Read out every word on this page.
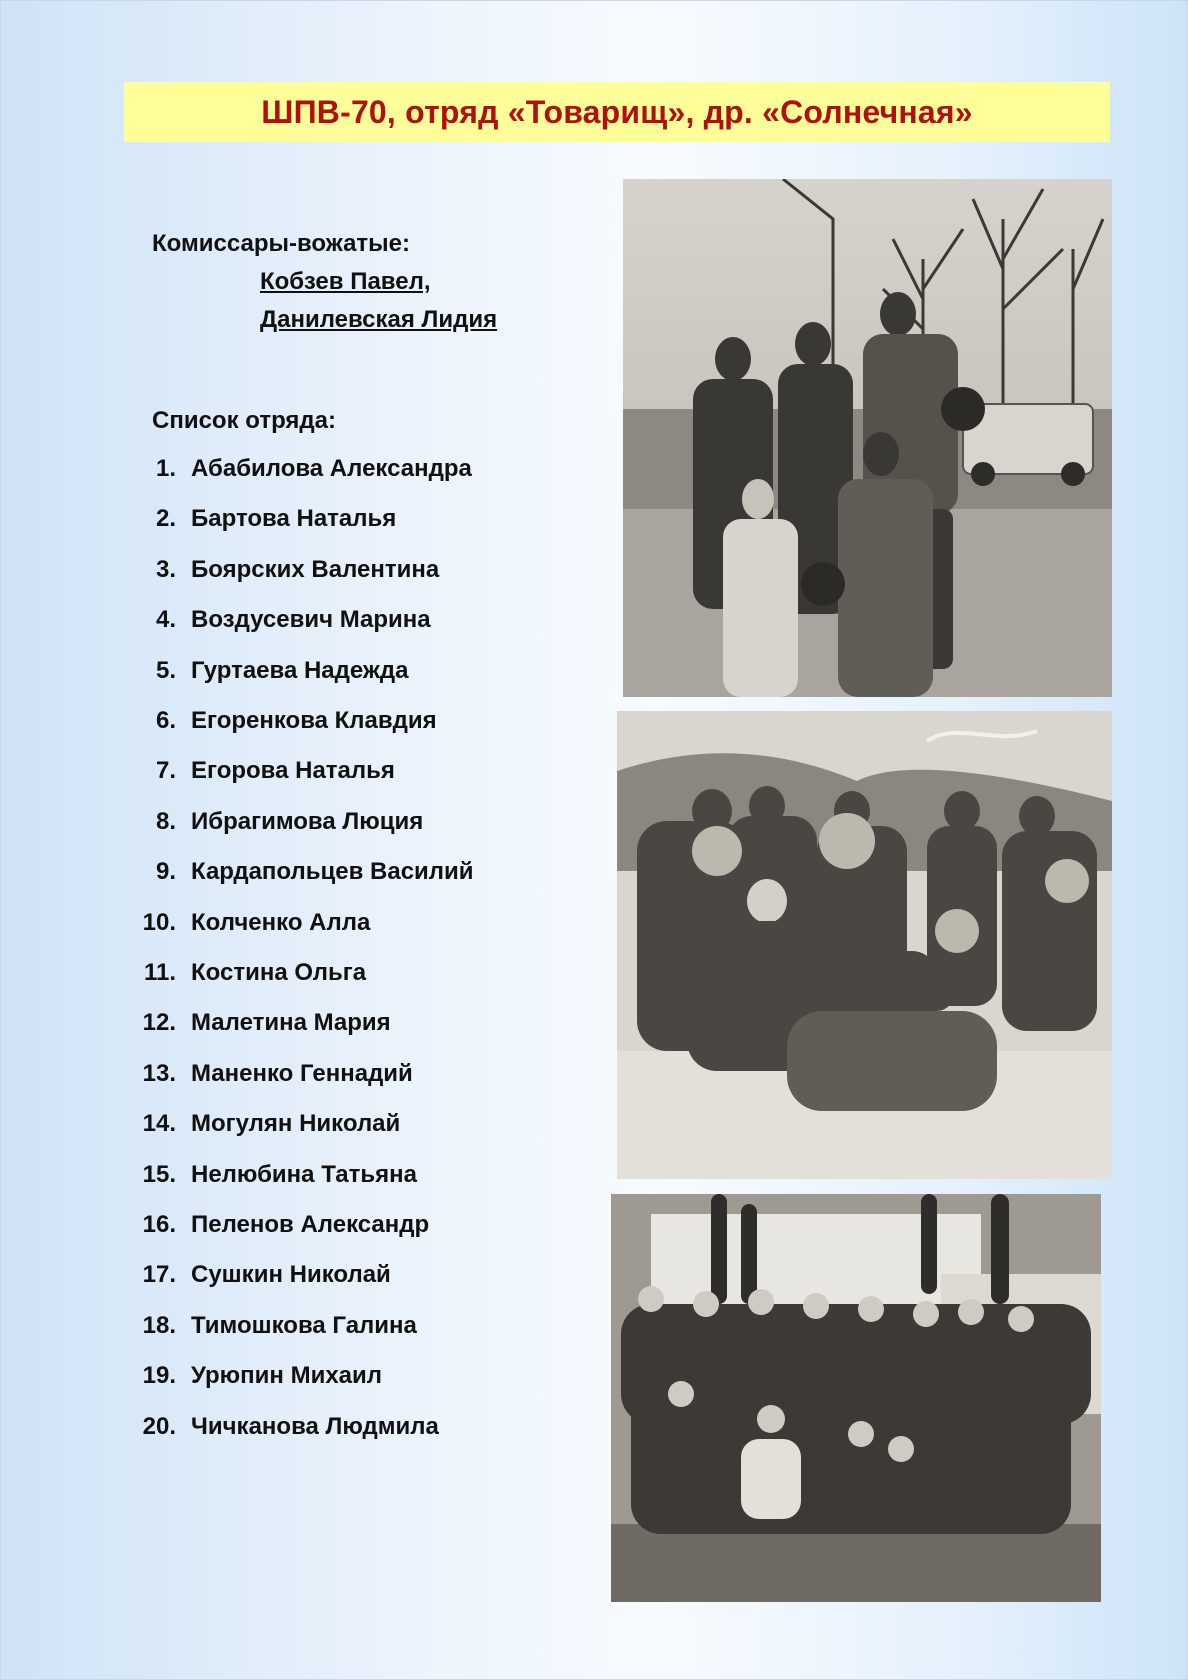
ШПВ-70, отряд «Товарищ», др. «Солнечная»
Комиссары-вожатые:
Кобзев Павел,
Данилевская Лидия
Список отряда:
1. Абабилова Александра
2. Бартова Наталья
3. Боярских Валентина
4. Воздусевич Марина
5. Гуртаева Надежда
6. Егоренкова Клавдия
7. Егорова Наталья
8. Ибрагимова Люция
9. Кардапольцев Василий
10. Колченко Алла
11. Костина Ольга
12. Малетина Мария
13. Маненко Геннадий
14. Могулян Николай
15. Нелюбина Татьяна
16. Пеленов Александр
17. Сушкин Николай
18. Тимошкова Галина
19. Урюпин Михаил
20. Чичканова Людмила
